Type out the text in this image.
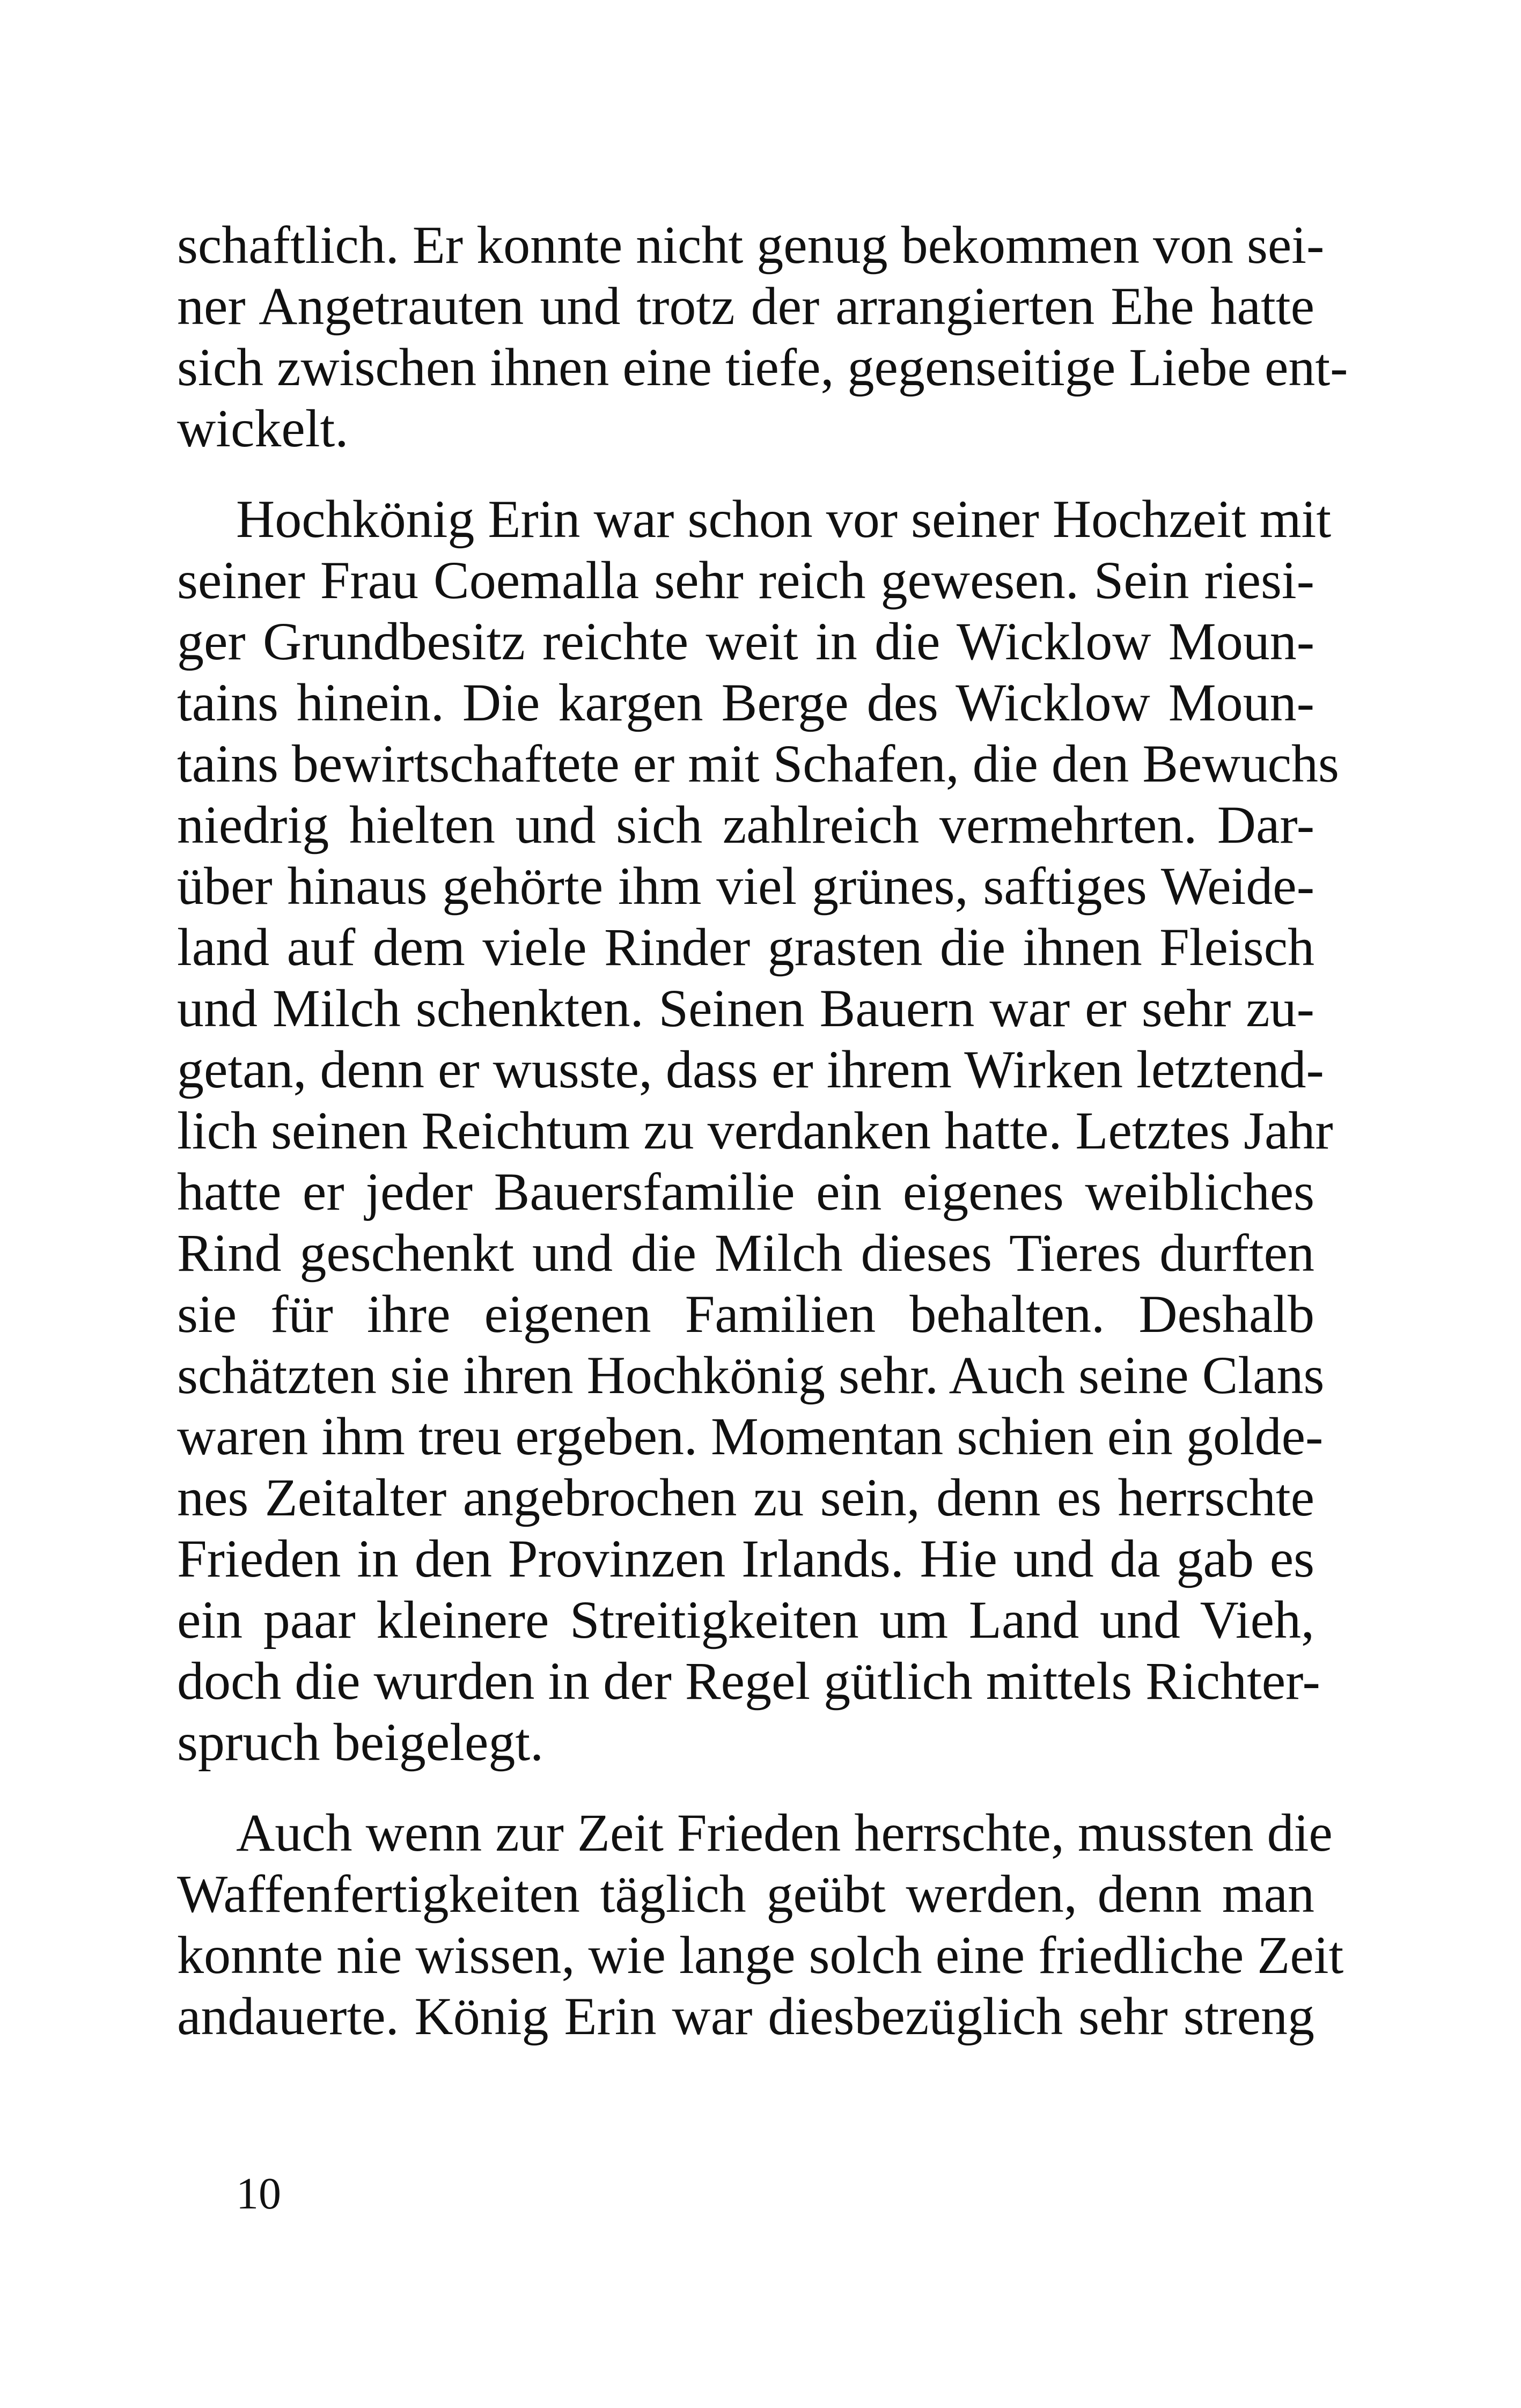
schaftlich. Er konnte nicht genug bekommen von sei-
ner Angetrauten und trotz der arrangierten Ehe hatte
sich zwischen ihnen eine tiefe, gegenseitige Liebe ent-
wickelt.
Hochkönig Erin war schon vor seiner Hochzeit mit
seiner Frau Coemalla sehr reich gewesen. Sein riesi-
ger Grundbesitz reichte weit in die Wicklow Moun-
tains hinein. Die kargen Berge des Wicklow Moun-
tains bewirtschaftete er mit Schafen, die den Bewuchs
niedrig hielten und sich zahlreich vermehrten. Dar-
über hinaus gehörte ihm viel grünes, saftiges Weide-
land auf dem viele Rinder grasten die ihnen Fleisch
und Milch schenkten. Seinen Bauern war er sehr zu-
getan, denn er wusste, dass er ihrem Wirken letztend-
lich seinen Reichtum zu verdanken hatte. Letztes Jahr
hatte er jeder Bauersfamilie ein eigenes weibliches
Rind geschenkt und die Milch dieses Tieres durften
sie für ihre eigenen Familien behalten. Deshalb
schätzten sie ihren Hochkönig sehr. Auch seine Clans
waren ihm treu ergeben. Momentan schien ein golde-
nes Zeitalter angebrochen zu sein, denn es herrschte
Frieden in den Provinzen Irlands. Hie und da gab es
ein paar kleinere Streitigkeiten um Land und Vieh,
doch die wurden in der Regel gütlich mittels Richter-
spruch beigelegt.
Auch wenn zur Zeit Frieden herrschte, mussten die
Waffenfertigkeiten täglich geübt werden, denn man
konnte nie wissen, wie lange solch eine friedliche Zeit
andauerte. König Erin war diesbezüglich sehr streng
10
